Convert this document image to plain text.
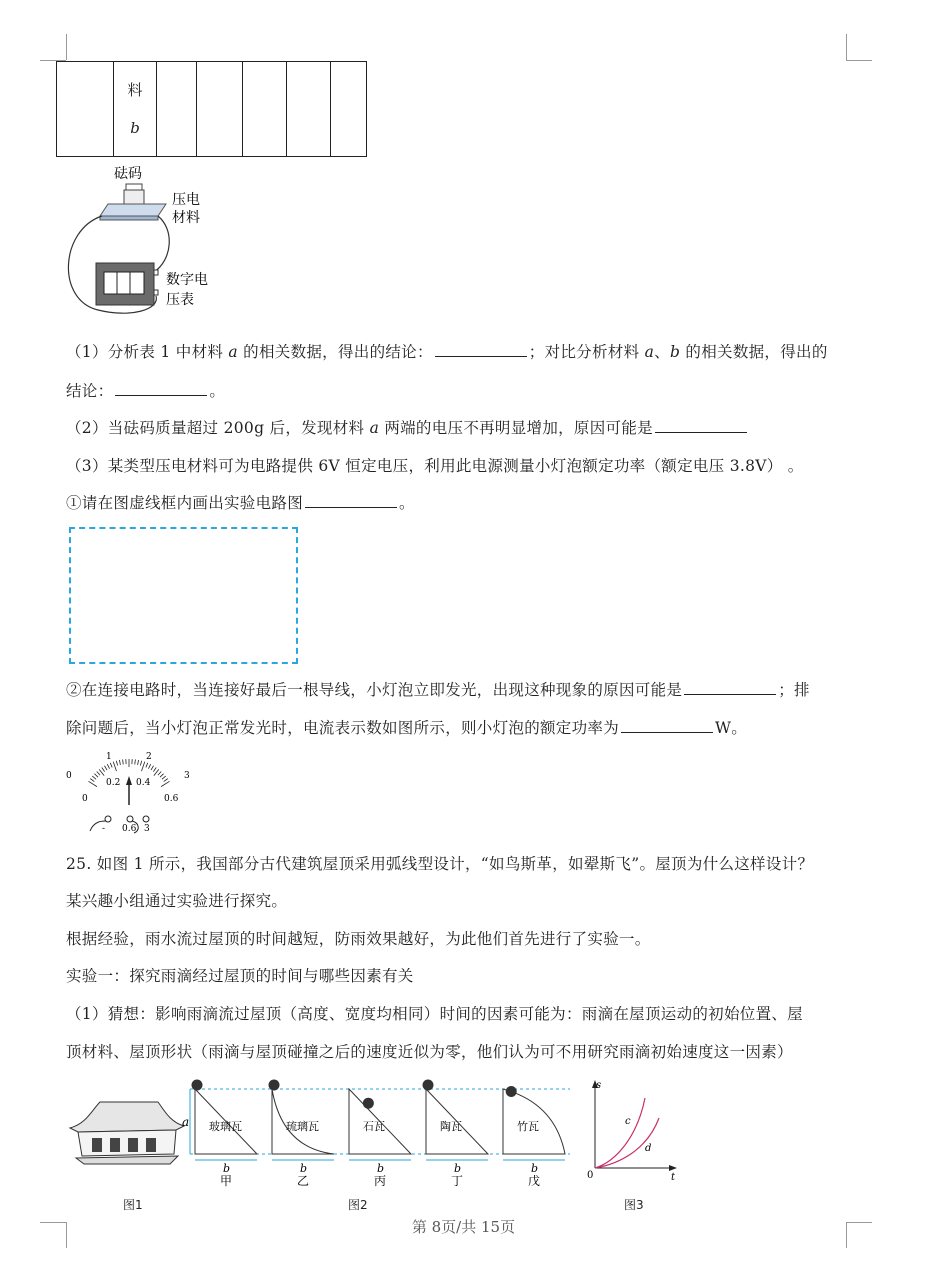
料
b

砝码
压电
材料
数字电
压表
（1）分析表 1 中材料 a 的相关数据，得出的结论：	；对比分析材料 a、b 的相关数据，得出的
结论：	。
（2）当砝码质量超过 200g 后，发现材料 a 两端的电压不再明显增加，原因可能是
（3）某类型压电材料可为电路提供 6V 恒定电压，利用此电源测量小灯泡额定功率（额定电压 3.8V） 。
①请在图虚线框内画出实验电路图	。
②在连接电路时，当连接好最后一根导线，小灯泡立即发光，出现这种现象的原因可能是	；排
除问题后，当小灯泡正常发光时，电流表示数如图所示，则小灯泡的额定功率为	W。
0
1	2
3
0
0.2 0.4
0.6
- 0.6 3
25. 如图 1 所示，我国部分古代建筑屋顶采用弧线型设计，“如鸟斯革，如翚斯飞”。屋顶为什么这样设计？
某兴趣小组通过实验进行探究。
根据经验，雨水流过屋顶的时间越短，防雨效果越好，为此他们首先进行了实验一。
实验一：探究雨滴经过屋顶的时间与哪些因素有关
（1）猜想：影响雨滴流过屋顶（高度、宽度均相同）时间的因素可能为：雨滴在屋顶运动的初始位置、屋
顶材料、屋顶形状（雨滴与屋顶碰撞之后的速度近似为零，他们认为可不用研究雨滴初始速度这一因素）
a 玻璃瓦
b
甲
琉璃瓦
b
乙
石瓦
b
丙
陶瓦
b
丁
竹瓦
b
戊
s
t
0
c
d
图1	图2	图3
第 8页/共 15页
